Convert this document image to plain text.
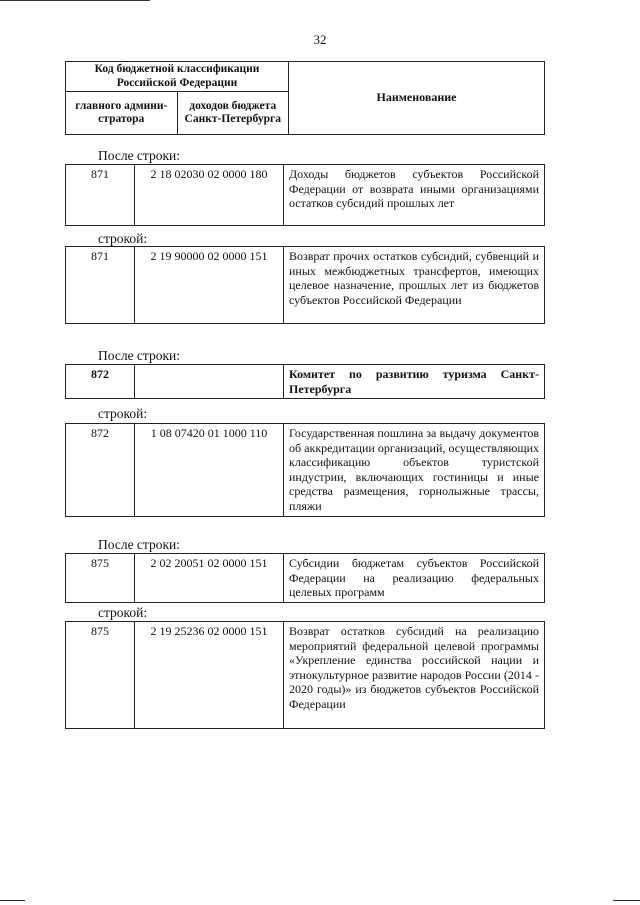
32
Код бюджетной классификации Российской Федерации		Наименование
главного админи-стратора	доходов бюджета Санкт-Петербурга	
После строки:
871	2 18 02030 02 0000 180	Доходы бюджетов субъектов Российской Федерации от возврата иными организациями остатков субсидий прошлых лет
строкой:
871	2 19 90000 02 0000 151	Возврат прочих остатков субсидий, субвенций и иных межбюджетных трансфертов, имеющих целевое назначение, прошлых лет из бюджетов субъектов Российской Федерации
После строки:
872		Комитет по развитию туризма Санкт-Петербурга
строкой:
872	1 08 07420 01 1000 110	Государственная пошлина за выдачу документов об аккредитации организаций, осуществляющих классификацию объектов туристской индустрии, включающих гостиницы и иные средства размещения, горнолыжные трассы, пляжи
После строки:
875	2 02 20051 02 0000 151	Субсидии бюджетам субъектов Российской Федерации на реализацию федеральных целевых программ
строкой:
875	2 19 25236 02 0000 151	Возврат остатков субсидий на реализацию мероприятий федеральной целевой программы «Укрепление единства российской нации и этнокультурное развитие народов России (2014 - 2020 годы)» из бюджетов субъектов Российской Федерации
